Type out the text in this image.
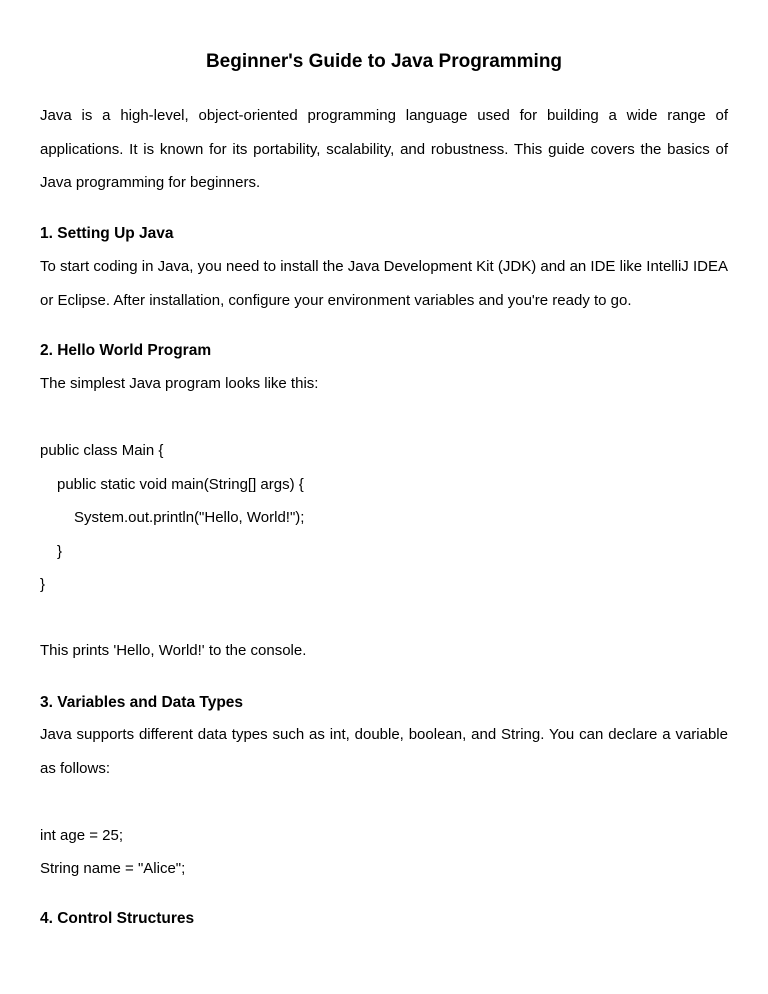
Beginner's Guide to Java Programming

Java is a high-level, object-oriented programming language used for building a wide range of applications. It is known for its portability, scalability, and robustness. This guide covers the basics of Java programming for beginners.

1. Setting Up Java

To start coding in Java, you need to install the Java Development Kit (JDK) and an IDE like IntelliJ IDEA or Eclipse. After installation, configure your environment variables and you're ready to go.

2. Hello World Program

The simplest Java program looks like this:

public class Main {
public static void main(String[] args) {
System.out.println("Hello, World!");
}
}

This prints 'Hello, World!' to the console.

3. Variables and Data Types

Java supports different data types such as int, double, boolean, and String. You can declare a variable as follows:

int age = 25;
String name = "Alice";
4. Control Structures
